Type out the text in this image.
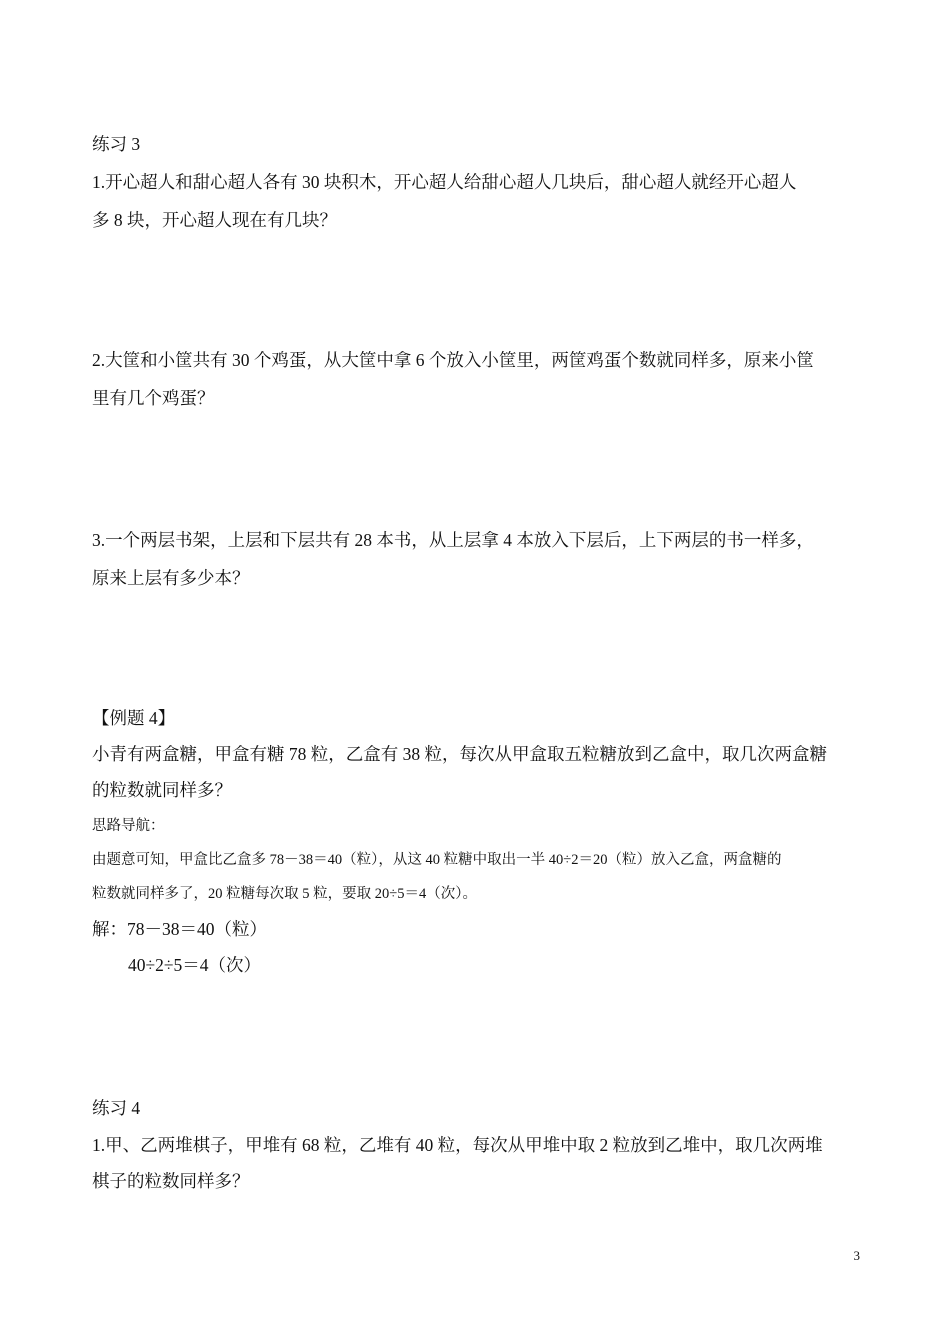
练习 3
1.开心超人和甜心超人各有 30 块积木，开心超人给甜心超人几块后，甜心超人就经开心超人
多 8 块，开心超人现在有几块？
2.大筐和小筐共有 30 个鸡蛋，从大筐中拿 6 个放入小筐里，两筐鸡蛋个数就同样多，原来小筐
里有几个鸡蛋？
3.一个两层书架，上层和下层共有 28 本书，从上层拿 4 本放入下层后，上下两层的书一样多，
原来上层有多少本？
【例题 4】
小青有两盒糖，甲盒有糖 78 粒，乙盒有 38 粒，每次从甲盒取五粒糖放到乙盒中，取几次两盒糖
的粒数就同样多？
思路导航：
由题意可知，甲盒比乙盒多 78－38＝40（粒），从这 40 粒糖中取出一半 40÷2＝20（粒）放入乙盒，两盒糖的
粒数就同样多了，20 粒糖每次取 5 粒，要取 20÷5＝4（次）。
解：78－38＝40（粒）
40÷2÷5＝4（次）
练习 4
1.甲、乙两堆棋子，甲堆有 68 粒，乙堆有 40 粒，每次从甲堆中取 2 粒放到乙堆中，取几次两堆
棋子的粒数同样多？
3
